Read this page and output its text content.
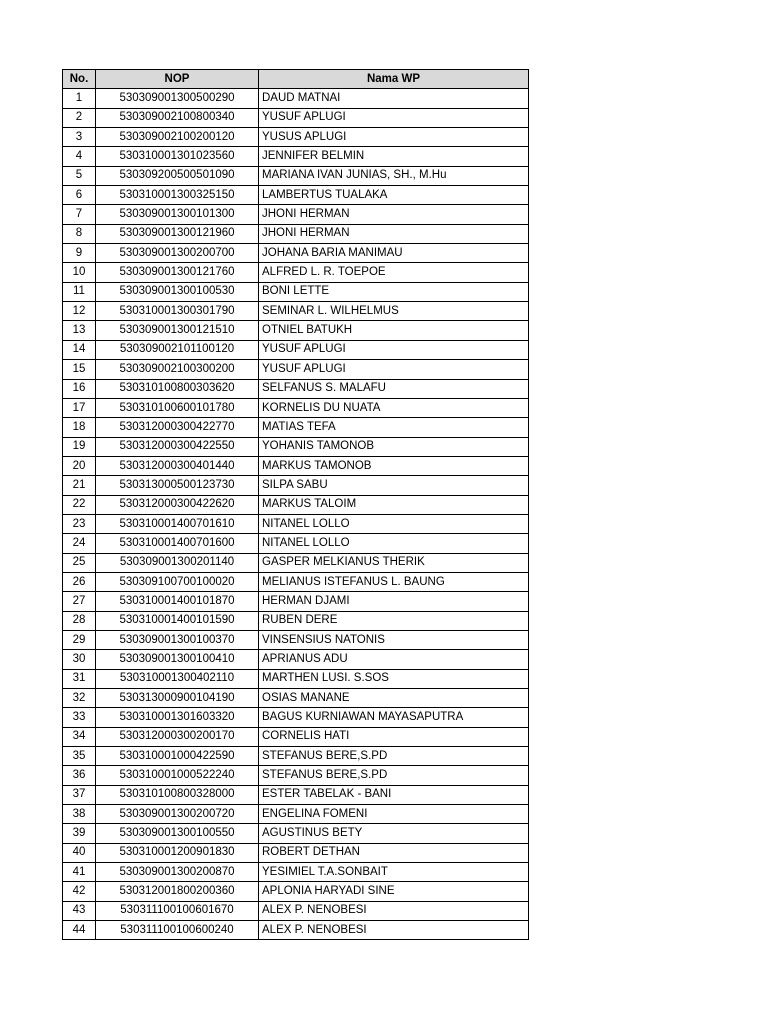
No.	NOP	Nama WP
1	530309001300500290	DAUD MATNAI
2	530309002100800340	YUSUF APLUGI
3	530309002100200120	YUSUS APLUGI
4	530310001301023560	JENNIFER BELMIN
5	530309200500501090	MARIANA IVAN JUNIAS, SH., M.Hu
6	530310001300325150	LAMBERTUS TUALAKA
7	530309001300101300	JHONI HERMAN
8	530309001300121960	JHONI HERMAN
9	530309001300200700	JOHANA BARIA MANIMAU
10	530309001300121760	ALFRED L. R. TOEPOE
11	530309001300100530	BONI LETTE
12	530310001300301790	SEMINAR L. WILHELMUS
13	530309001300121510	OTNIEL BATUKH
14	530309002101100120	YUSUF APLUGI
15	530309002100300200	YUSUF APLUGI
16	530310100800303620	SELFANUS S. MALAFU
17	530310100600101780	KORNELIS DU NUATA
18	530312000300422770	MATIAS TEFA
19	530312000300422550	YOHANIS TAMONOB
20	530312000300401440	MARKUS TAMONOB
21	530313000500123730	SILPA SABU
22	530312000300422620	MARKUS TALOIM
23	530310001400701610	NITANEL LOLLO
24	530310001400701600	NITANEL LOLLO
25	530309001300201140	GASPER MELKIANUS THERIK
26	530309100700100020	MELIANUS ISTEFANUS L. BAUNG
27	530310001400101870	HERMAN DJAMI
28	530310001400101590	RUBEN DERE
29	530309001300100370	VINSENSIUS NATONIS
30	530309001300100410	APRIANUS ADU
31	530310001300402110	MARTHEN LUSI. S.SOS
32	530313000900104190	OSIAS MANANE
33	530310001301603320	BAGUS KURNIAWAN MAYASAPUTRA
34	530312000300200170	CORNELIS HATI
35	530310001000422590	STEFANUS BERE,S.PD
36	530310001000522240	STEFANUS BERE,S.PD
37	530310100800328000	ESTER TABELAK - BANI
38	530309001300200720	ENGELINA FOMENI
39	530309001300100550	AGUSTINUS BETY
40	530310001200901830	ROBERT DETHAN
41	530309001300200870	YESIMIEL T.A.SONBAIT
42	530312001800200360	APLONIA HARYADI SINE
43	530311100100601670	ALEX P. NENOBESI
44	530311100100600240	ALEX P. NENOBESI
